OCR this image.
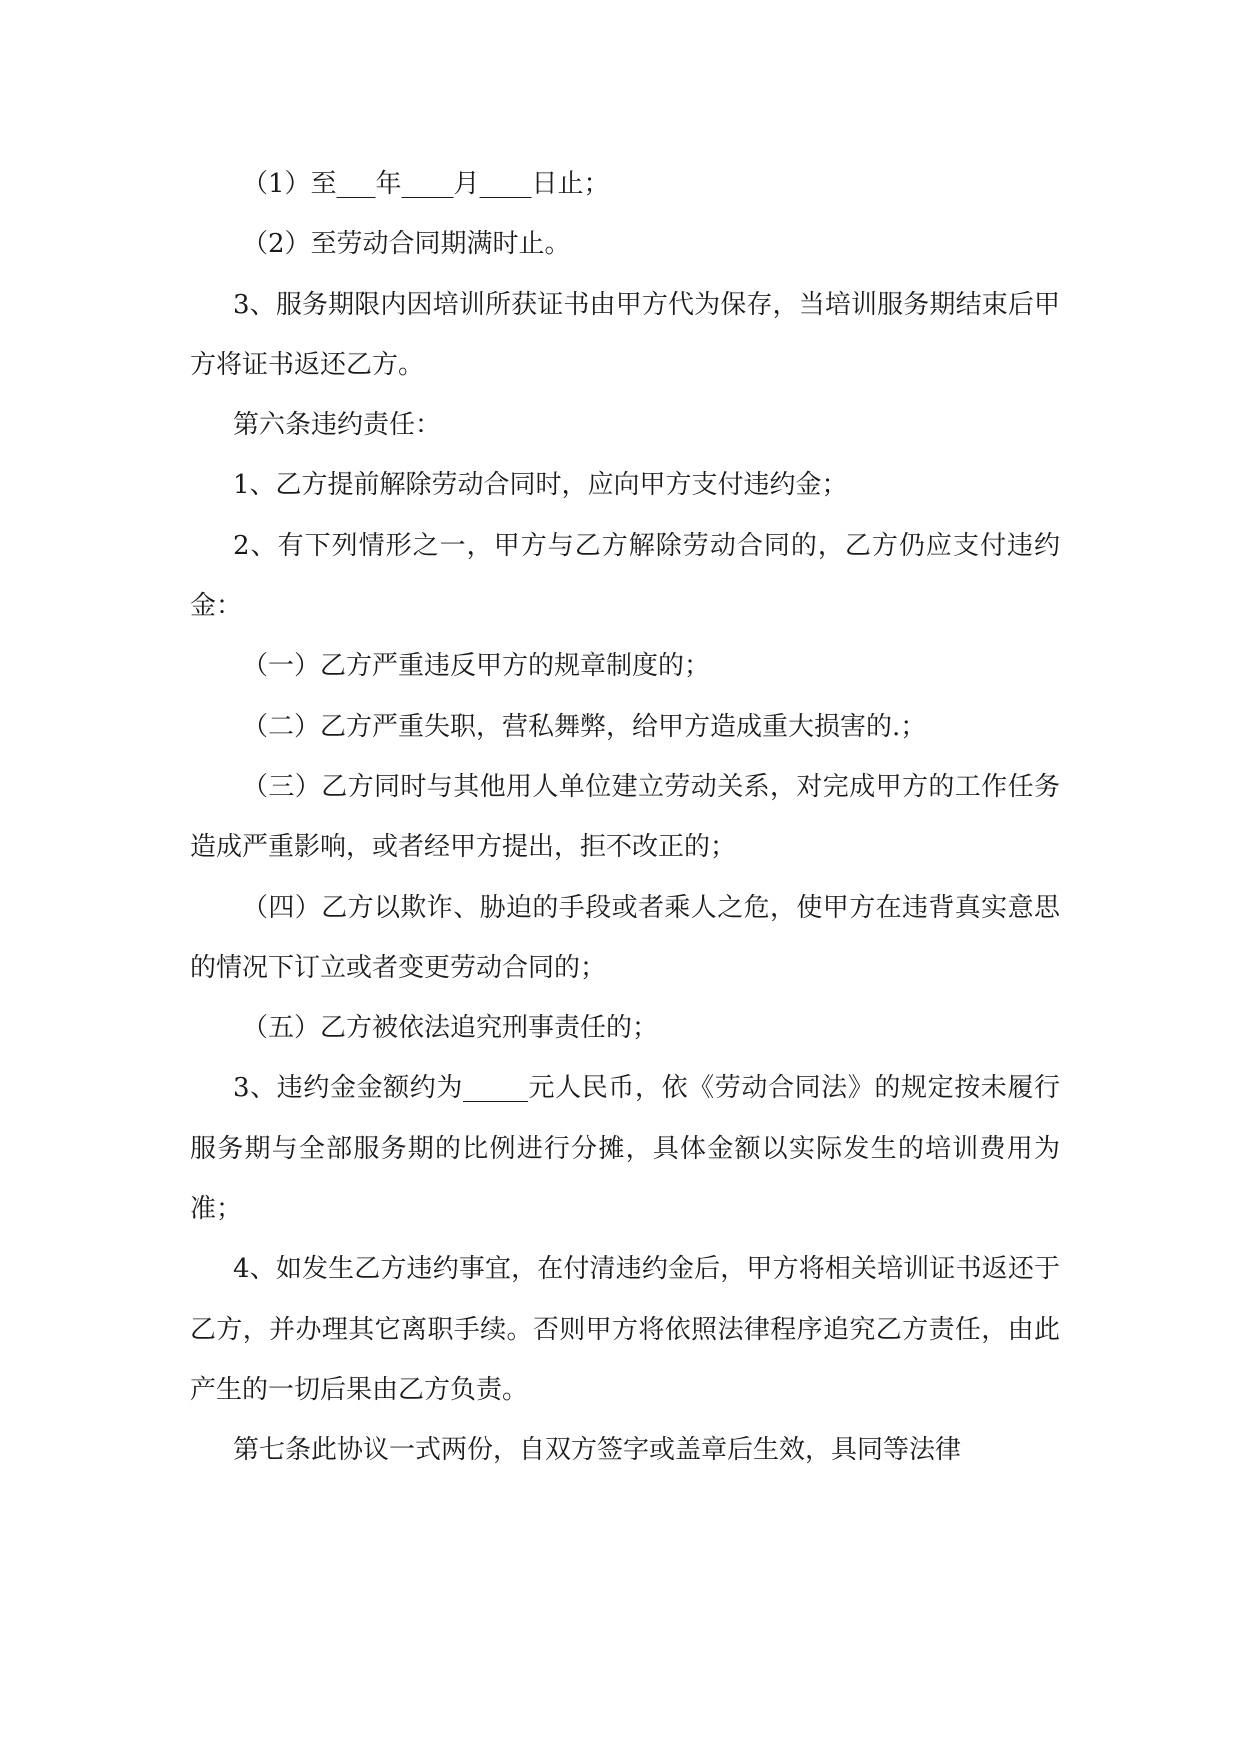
（1）至___年____月____日止；

（2）至劳动合同期满时止。

3、服务期限内因培训所获证书由甲方代为保存，当培训服务期结束后甲方将证书返还乙方。

第六条违约责任：

1、乙方提前解除劳动合同时，应向甲方支付违约金；

2、有下列情形之一，甲方与乙方解除劳动合同的，乙方仍应支付违约金：

（一）乙方严重违反甲方的规章制度的；

（二）乙方严重失职，营私舞弊，给甲方造成重大损害的.；

（三）乙方同时与其他用人单位建立劳动关系，对完成甲方的工作任务造成严重影响，或者经甲方提出，拒不改正的；

（四）乙方以欺诈、胁迫的手段或者乘人之危，使甲方在违背真实意思的情况下订立或者变更劳动合同的；

（五）乙方被依法追究刑事责任的；

3、违约金金额约为_____元人民币，依《劳动合同法》的规定按未履行服务期与全部服务期的比例进行分摊，具体金额以实际发生的培训费用为准；

4、如发生乙方违约事宜，在付清违约金后，甲方将相关培训证书返还于乙方，并办理其它离职手续。否则甲方将依照法律程序追究乙方责任，由此产生的一切后果由乙方负责。

第七条此协议一式两份，自双方签字或盖章后生效，具同等法律
